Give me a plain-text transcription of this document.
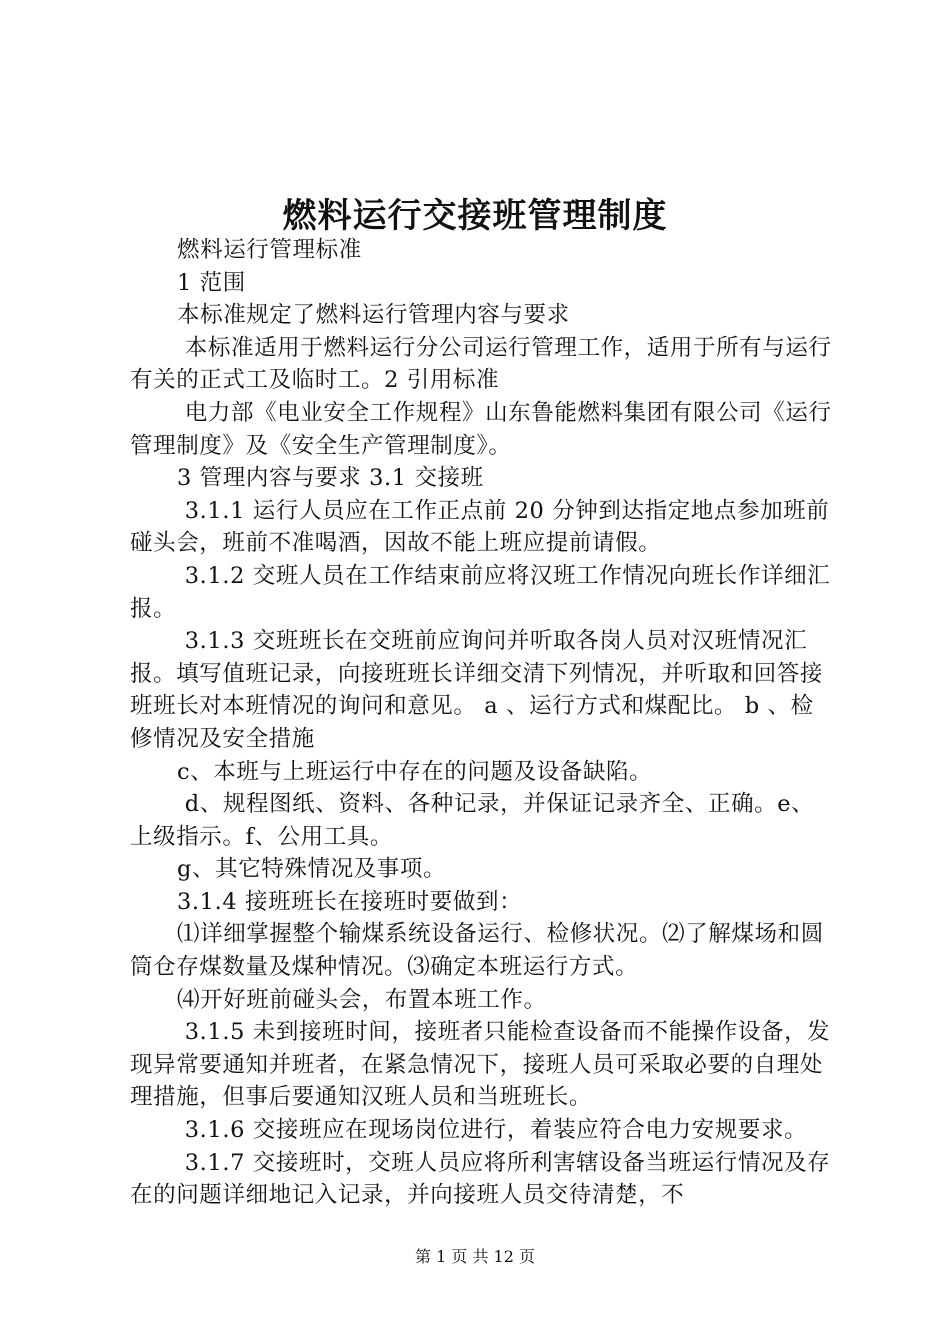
燃料运行交接班管理制度

燃料运行管理标准

1 范围

本标准规定了燃料运行管理内容与要求

本标准适用于燃料运行分公司运行管理工作，适用于所有与运行有关的正式工及临时工。2 引用标准

电力部《电业安全工作规程》山东鲁能燃料集团有限公司《运行管理制度》及《安全生产管理制度》。

3 管理内容与要求 3.1 交接班

3.1.1 运行人员应在工作正点前 20 分钟到达指定地点参加班前碰头会，班前不准喝酒，因故不能上班应提前请假。

3.1.2 交班人员在工作结束前应将汉班工作情况向班长作详细汇报。

3.1.3 交班班长在交班前应询问并听取各岗人员对汉班情况汇报。填写值班记录，向接班班长详细交清下列情况，并听取和回答接班班长对本班情况的询问和意见。 a 、运行方式和煤配比。 b 、检修情况及安全措施

c、本班与上班运行中存在的问题及设备缺陷。

d、规程图纸、资料、各种记录，并保证记录齐全、正确。e、上级指示。f、公用工具。

g、其它特殊情况及事项。

3.1.4 接班班长在接班时要做到：

⑴详细掌握整个输煤系统设备运行、检修状况。⑵了解煤场和圆筒仓存煤数量及煤种情况。⑶确定本班运行方式。

⑷开好班前碰头会，布置本班工作。

3.1.5 未到接班时间，接班者只能检查设备而不能操作设备，发现异常要通知并班者，在紧急情况下，接班人员可采取必要的自理处理措施，但事后要通知汉班人员和当班班长。

3.1.6 交接班应在现场岗位进行，着装应符合电力安规要求。

3.1.7 交接班时，交班人员应将所利害辖设备当班运行情况及存在的问题详细地记入记录，并向接班人员交待清楚，不

第 1 页 共 12 页
